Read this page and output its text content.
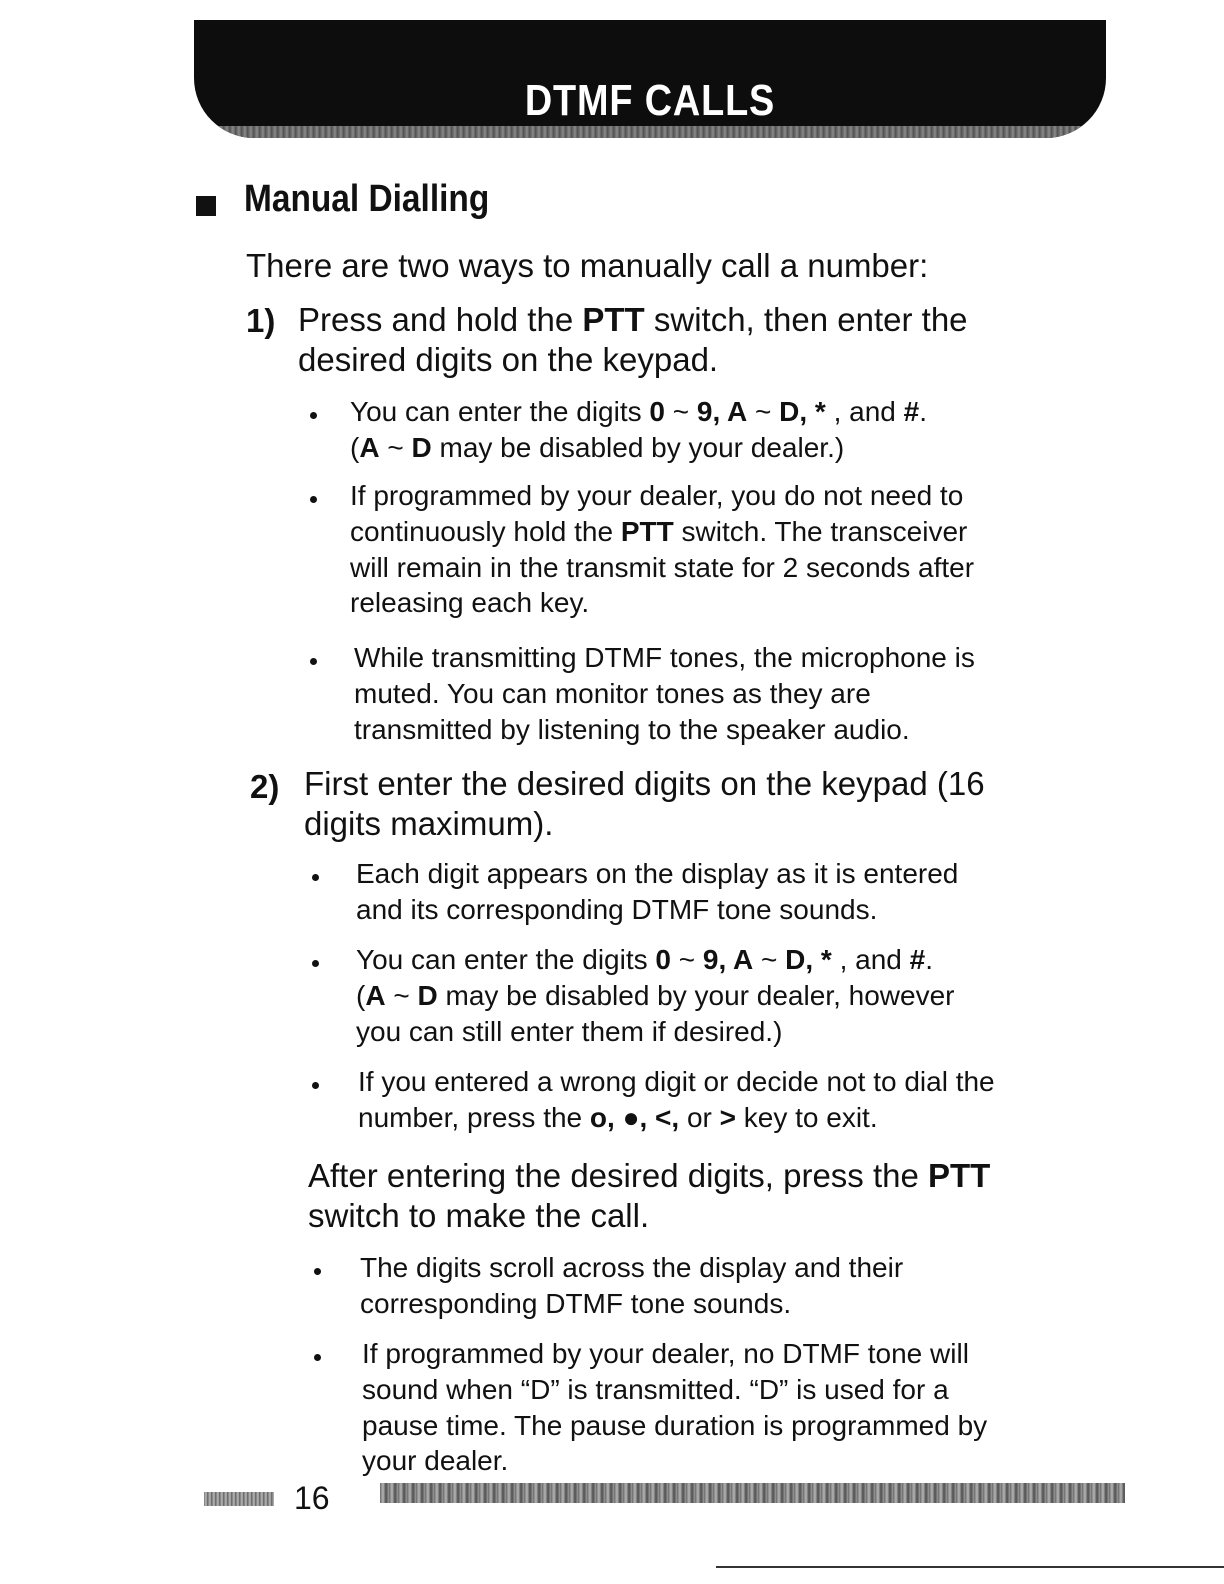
DTMF CALLS
Manual Dialling
There are two ways to manually call a number:
1) Press and hold the PTT switch, then enter the
desired digits on the keypad.
You can enter the digits 0 ~ 9, A ~ D, * , and #.
(A ~ D may be disabled by your dealer.)
If programmed by your dealer, you do not need to
continuously hold the PTT switch. The transceiver
will remain in the transmit state for 2 seconds after
releasing each key.
While transmitting DTMF tones, the microphone is
muted. You can monitor tones as they are
transmitted by listening to the speaker audio.
2) First enter the desired digits on the keypad (16
digits maximum).
Each digit appears on the display as it is entered
and its corresponding DTMF tone sounds.
You can enter the digits 0 ~ 9, A ~ D, * , and #.
(A ~ D may be disabled by your dealer, however
you can still enter them if desired.)
If you entered a wrong digit or decide not to dial the
number, press the o, ●, <, or > key to exit.
After entering the desired digits, press the PTT
switch to make the call.
The digits scroll across the display and their
corresponding DTMF tone sounds.
If programmed by your dealer, no DTMF tone will
sound when “D” is transmitted. “D” is used for a
pause time. The pause duration is programmed by
your dealer.
16
